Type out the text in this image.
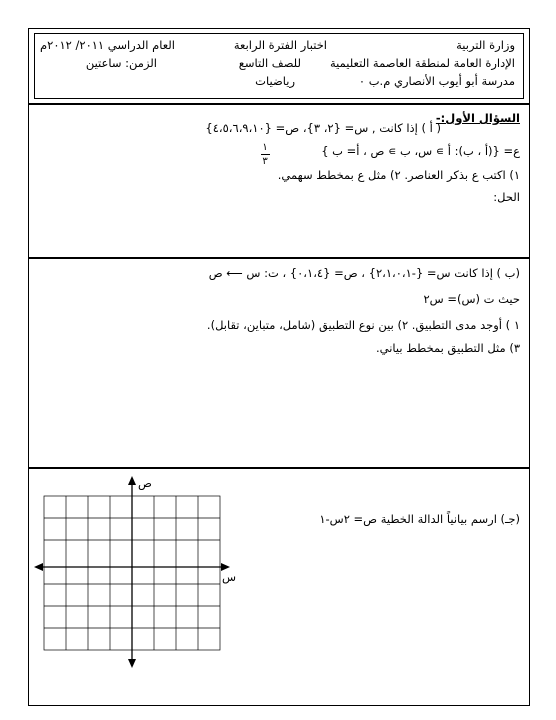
وزارة التربية
الإدارة العامة لمنطقة العاصمة التعليمية
مدرسة أبو أيوب الأنصاري م.ب ٠
اختبار الفترة الرابعة
للصف التاسع
رياضيات
العام الدراسي ٢٠١١/ ٢٠١٢م
الزمن: ساعتين
السؤال الأول:-
( أ ) إذا كانت , س= {٢، ٣}، ص= {٤،٥،٦،٩،١٠}
ع= {(أ ، ب): أ ∍ س، ب ∍ ص ، أ= ب }
١
٣
١) اكتب ع بذكر العناصر. ٢) مثل ع بمخطط سهمي.
الحل:
(ب ) إذا كانت س= {-٢،١،٠،١} ، ص= {٠،١،٤} ، ت: س ⟵ ص
حيث ت (س)= س٢
١ ) أوجد مدى التطبيق. ٢) بين نوع التطبيق (شامل، متباين، تقابل).
٣) مثل التطبيق بمخطط بياني.
(جـ) ارسم بيانياً الدالة الخطية ص= ٢س-١
ص
س
